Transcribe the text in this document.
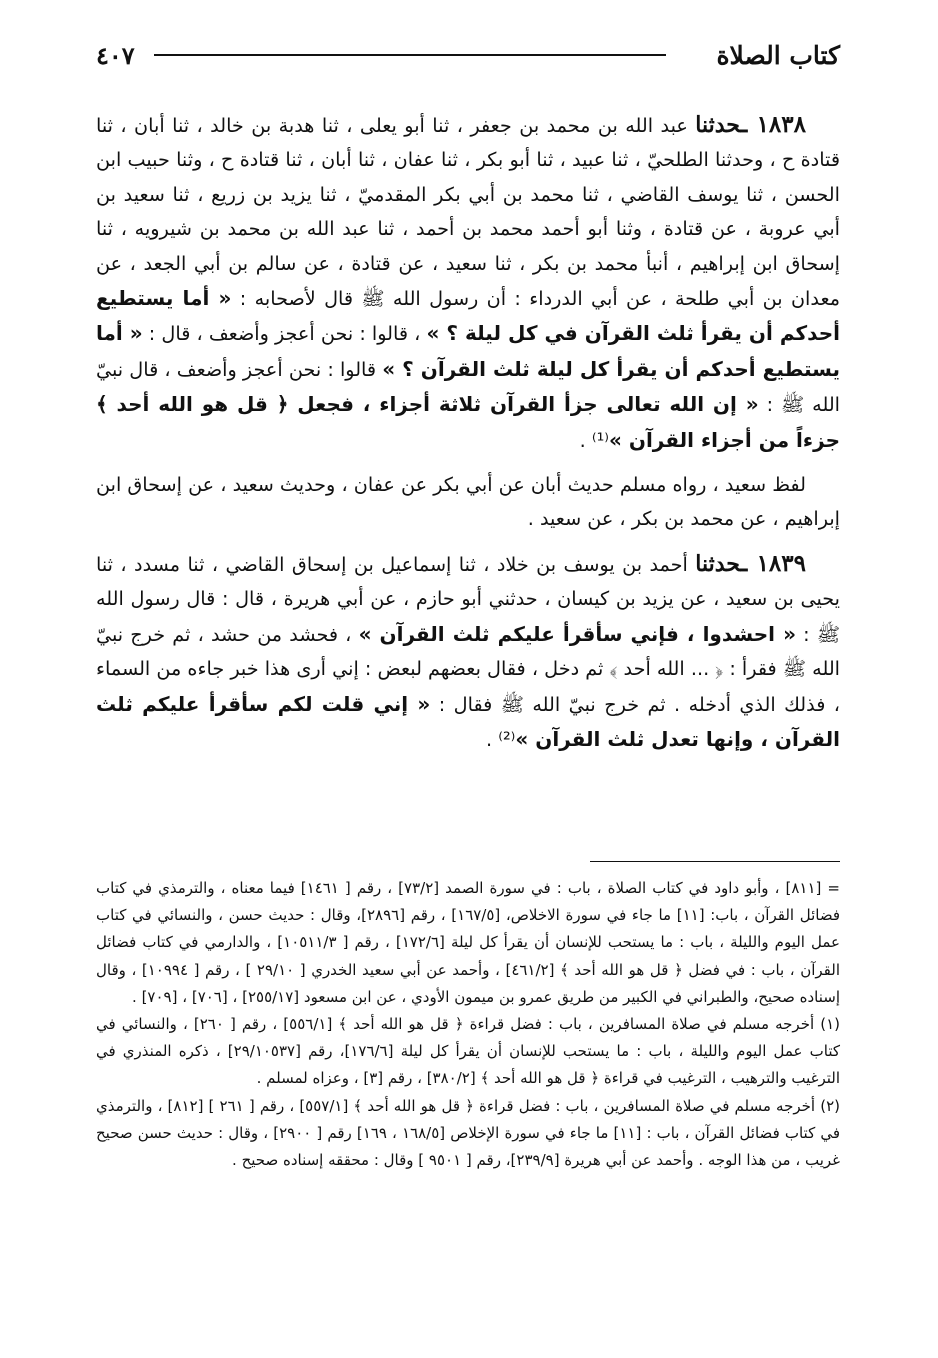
كتاب الصلاة
٤٠٧

١٨٣٨ ـحدثنا عبد الله بن محمد بن جعفر ، ثنا أبو يعلى ، ثنا هدبة بن خالد ، ثنا أبان ، ثنا قتادة ح ، وحدثنا الطلحيّ ، ثنا عبيد ، ثنا أبو بكر ، ثنا عفان ، ثنا أبان ، ثنا قتادة ح ، وثنا حبيب ابن الحسن ، ثنا يوسف القاضي ، ثنا محمد بن أبي بكر المقدميّ ، ثنا يزيد بن زريع ، ثنا سعيد بن أبي عروبة ، عن قتادة ، وثنا أبو أحمد محمد بن أحمد ، ثنا عبد الله بن محمد بن شيرويه ، ثنا إسحاق ابن إبراهيم ، أنبأ محمد بن بكر ، ثنا سعيد ، عن قتادة ، عن سالم بن أبي الجعد ، عن معدان بن أبي طلحة ، عن أبي الدرداء : أن رسول الله ﷺ قال لأصحابه : « أما يستطيع أحدكم أن يقرأ ثلث القرآن في كل ليلة ؟ » ، قالوا : نحن أعجز وأضعف ، قال : « أما يستطيع أحدكم أن يقرأ كل ليلة ثلث القرآن ؟ » قالوا : نحن أعجز وأضعف ، قال نبيّ الله ﷺ : « إن الله تعالى جزأ القرآن ثلاثة أجزاء ، فجعل ﴿ قل هو الله أحد ﴾ جزءاً من أجزاء القرآن »⁽¹⁾ .

لفظ سعيد ، رواه مسلم حديث أبان عن أبي بكر عن عفان ، وحديث سعيد ، عن إسحاق ابن إبراهيم ، عن محمد بن بكر ، عن سعيد .

١٨٣٩ ـحدثنا أحمد بن يوسف بن خلاد ، ثنا إسماعيل بن إسحاق القاضي ، ثنا مسدد ، ثنا يحيى بن سعيد ، عن يزيد بن كيسان ، حدثني أبو حازم ، عن أبي هريرة ، قال : قال رسول الله ﷺ : « احشدوا ، فإني سأقرأ عليكم ثلث القرآن » ، فحشد من حشد ، ثم خرج نبيّ الله ﷺ فقرأ : ﴿ ... الله أحد ﴾ ثم دخل ، فقال بعضهم لبعض : إني أرى هذا خبر جاءه من السماء ، فذلك الذي أدخله . ثم خرج نبيّ الله ﷺ فقال : « إني قلت لكم سأقرأ عليكم ثلث القرآن ، وإنها تعدل ثلث القرآن »⁽²⁾ .

= [٨١١] ، وأبو داود في كتاب الصلاة ، باب : في سورة الصمد [٧٣/٢] ، رقم [ ١٤٦١] فيما معناه ، والترمذي في كتاب فضائل القرآن ، باب: [١١] ما جاء في سورة الاخلاص، [١٦٧/٥] ، رقم [٢٨٩٦]، وقال : حديث حسن ، والنسائي في كتاب عمل اليوم والليلة ، باب : ما يستحب للإنسان أن يقرأ كل ليلة [١٧٢/٦] ، رقم [ ١٠٥١١/٣] ، والدارمي في كتاب فضائل القرآن ، باب : في فضل ﴿ قل هو الله أحد ﴾ [٤٦١/٢] ، وأحمد عن أبي سعيد الخدري [ ٢٩/١٠ ] ، رقم [ ١٠٩٩٤] ، وقال إسناده صحيح، والطبراني في الكبير من طريق عمرو بن ميمون الأودي ، عن ابن مسعود [٢٥٥/١٧] ، [٧٠٦] ، [٧٠٩] .

(١) أخرجه مسلم في صلاة المسافرين ، باب : فضل قراءة ﴿ قل هو الله أحد ﴾ [٥٥٦/١] ، رقم [ ٢٦٠] ، والنسائي في كتاب عمل اليوم والليلة ، باب : ما يستحب للإنسان أن يقرأ كل ليلة [١٧٦/٦]، رقم [٢٩/١٠٥٣٧] ، ذكره المنذري في الترغيب والترهيب ، الترغيب في قراءة ﴿ قل هو الله أحد ﴾ [٣٨٠/٢] ، رقم [٣] ، وعزاه لمسلم .

(٢) أخرجه مسلم في صلاة المسافرين ، باب : فضل قراءة ﴿ قل هو الله أحد ﴾ [٥٥٧/١] ، رقم [ ٢٦١ ] [٨١٢] ، والترمذي في كتاب فضائل القرآن ، باب : [١١] ما جاء في سورة الإخلاص [١٦٨/٥ ، ١٦٩] رقم [ ٢٩٠٠] ، وقال : حديث حسن صحيح غريب ، من هذا الوجه . وأحمد عن أبي هريرة [٢٣٩/٩]، رقم [ ٩٥٠١ ] وقال : محققه إسناده صحيح .
